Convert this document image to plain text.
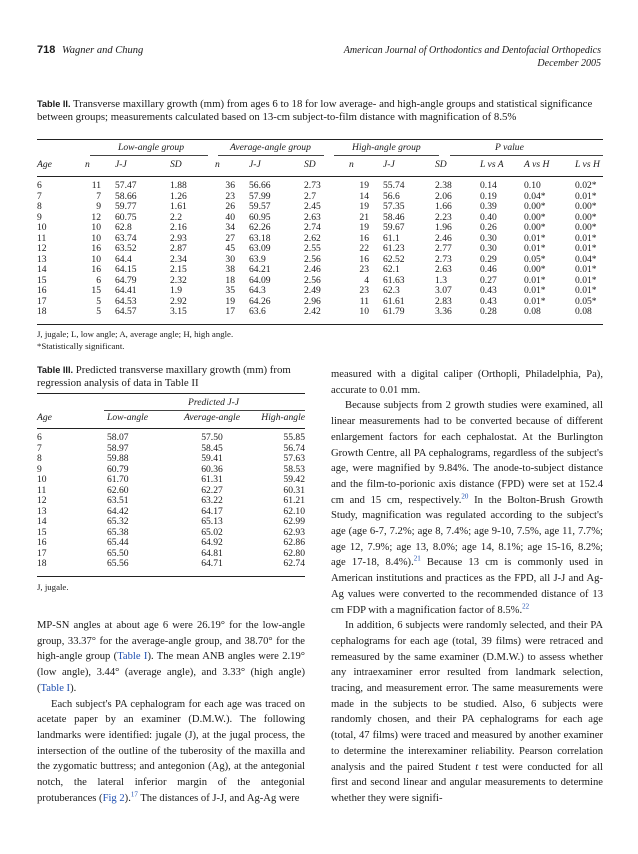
718 Wagner and Chung	American Journal of Orthodontics and Dentofacial Orthopedics
December 2005
Table II. Transverse maxillary growth (mm) from ages 6 to 18 for low average- and high-angle groups and statistical significance between groups; measurements calculated based on 13-cm subject-to-film distance with magnification of 8.5%
Low-angle group	Average-angle group	High-angle group	P value
Age	n	J-J	SD	n	J-J	SD	n	J-J	SD	L vs A	A vs H	L vs H

6	11	57.47	1.88	36	56.66	2.73	19	55.74	2.38	0.14	0.10	0.02*
7	7	58.66	1.26	23	57.99	2.7	14	56.6	2.06	0.19	0.04*	0.01*
8	9	59.77	1.61	26	59.57	2.45	19	57.35	1.66	0.39	0.00*	0.00*
9	12	60.75	2.2	40	60.95	2.63	21	58.46	2.23	0.40	0.00*	0.00*
10	10	62.8	2.16	34	62.26	2.74	19	59.67	1.96	0.26	0.00*	0.00*
11	10	63.74	2.93	27	63.18	2.62	16	61.1	2.46	0.30	0.01*	0.01*
12	16	63.52	2.87	45	63.09	2.55	22	61.23	2.77	0.30	0.01*	0.01*
13	10	64.4	2.34	30	63.9	2.56	16	62.52	2.73	0.29	0.05*	0.04*
14	16	64.15	2.15	38	64.21	2.46	23	62.1	2.63	0.46	0.00*	0.01*
15	6	64.79	2.32	18	64.09	2.56	4	61.63	1.3	0.27	0.01*	0.01*
16	15	64.41	1.9	35	64.3	2.49	23	62.3	3.07	0.43	0.01*	0.01*
17	5	64.53	2.92	19	64.26	2.96	11	61.61	2.83	0.43	0.01*	0.05*
18	5	64.57	3.15	17	63.6	2.42	10	61.79	3.36	0.28	0.08	0.08
J, jugale; L, low angle; A, average angle; H, high angle.
*Statistically significant.
Table III. Predicted transverse maxillary growth (mm) from regression analysis of data in Table II
Predicted J-J
Age	Low-angle	Average-angle	High-angle
6	58.07	57.50	55.85
7	58.97	58.45	56.74
8	59.88	59.41	57.63
9	60.79	60.36	58.53
10	61.70	61.31	59.42
11	62.60	62.27	60.31
12	63.51	63.22	61.21
13	64.42	64.17	62.10
14	65.32	65.13	62.99
15	65.38	65.02	62.93
16	65.44	64.92	62.86
17	65.50	64.81	62.80
18	65.56	64.71	62.74
J, jugale.

MP-SN angles at about age 6 were 26.19° for the low-angle group, 33.37° for the average-angle group, and 38.70° for the high-angle group (Table I). The mean ANB angles were 2.19° (low angle), 3.44° (average angle), and 3.33° (high angle) (Table I).

Each subject's PA cephalogram for each age was traced on acetate paper by an examiner (D.M.W.). The following landmarks were identified: jugale (J), at the jugal process, the intersection of the outline of the tuberosity of the maxilla and the zygomatic buttress; and antegonion (Ag), at the antegonial notch, the lateral inferior margin of the antegonial protuberances (Fig 2).$^{17}$ The distances of J-J, and Ag-Ag were

measured with a digital caliper (Orthopli, Philadelphia, Pa), accurate to 0.01 mm.

Because subjects from 2 growth studies were examined, all linear measurements had to be converted because of different enlargement factors for each cephalostat. At the Burlington Growth Centre, all PA cephalograms, regardless of the subject's age, were magnified by 9.84%. The anode-to-subject distance and the film-to-porionic axis distance (FPD) were set at 152.4 cm and 15 cm, respectively.$^{20}$ In the Bolton-Brush Growth Study, magnification was regulated according to the subject's age (age 6-7, 7.2%; age 8, 7.4%; age 9-10, 7.5%, age 11, 7.7%; age 12, 7.9%; age 13, 8.0%; age 14, 8.1%; age 15-16, 8.2%; age 17-18, 8.4%).$^{21}$ Because 13 cm is commonly used in American institutions and practices as the FPD, all J-J and Ag-Ag values were converted to the recommended distance of 13 cm FDP with a magnification factor of 8.5%.$^{22}$

In addition, 6 subjects were randomly selected, and their PA cephalograms for each age (total, 39 films) were retraced and remeasured by the same examiner (D.M.W.) to assess whether any intraexaminer error resulted from landmark selection, tracing, and measurement error. The same measurements were made in the subjects to be studied. Also, 6 subjects were randomly chosen, and their PA cephalograms for each age (total, 47 films) were traced and measured by another examiner to determine the interexaminer reliability. Pearson correlation analysis and the paired Student t test were conducted for all first and second linear and angular measurements to determine whether they were signifi-
